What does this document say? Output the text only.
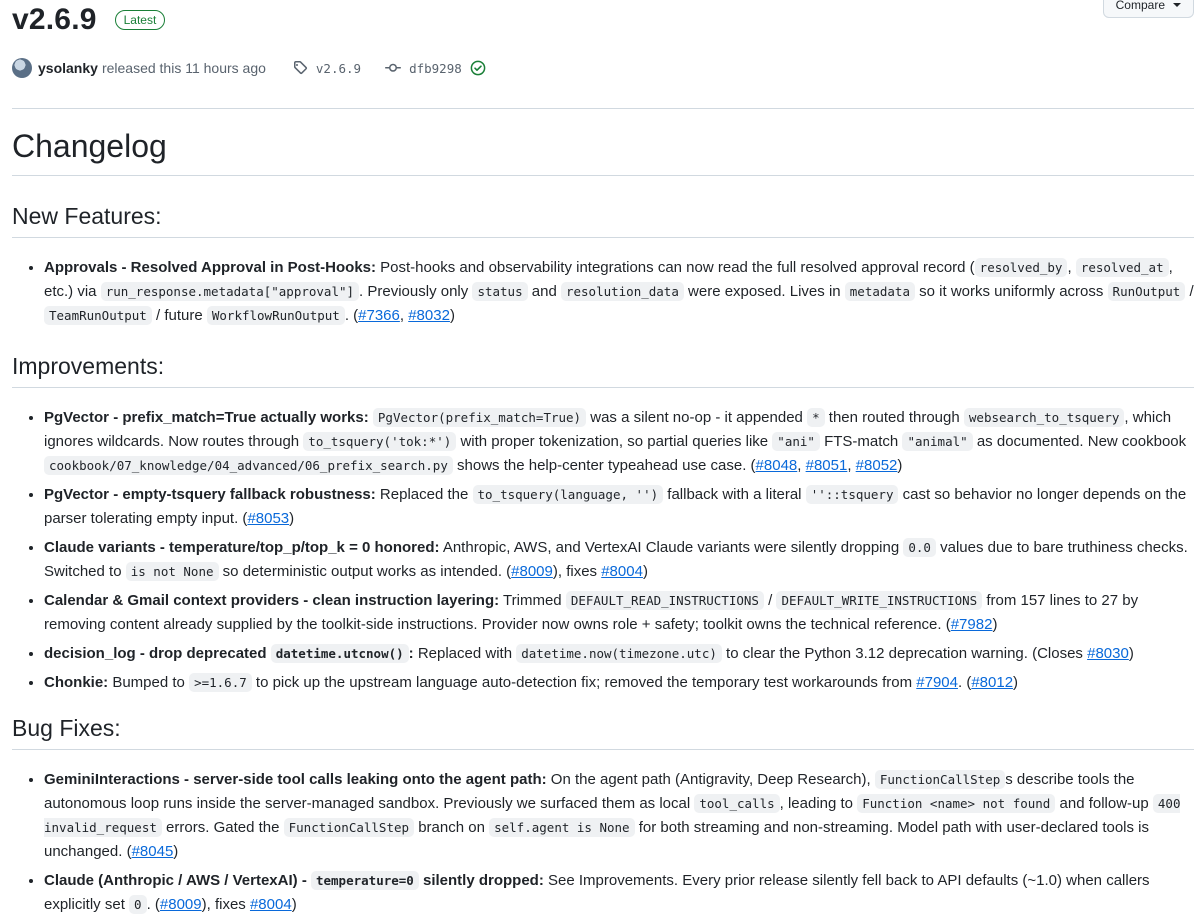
v2.6.9	Latest
Compare
ysolanky released this 11 hours ago	v2.6.9	dfb9298
Changelog
New Features:
• Approvals - Resolved Approval in Post-Hooks: Post-hooks and observability integrations can now read the full resolved approval record ( resolved_by , resolved_at , etc.) via run_response.metadata["approval"] . Previously only status and resolution_data were exposed. Lives in metadata so it works uniformly across RunOutput / TeamRunOutput / future WorkflowRunOutput . (#7366, #8032)
Improvements:
• PgVector - prefix_match=True actually works: PgVector(prefix_match=True) was a silent no-op - it appended * then routed through websearch_to_tsquery , which ignores wildcards. Now routes through to_tsquery('tok:*') with proper tokenization, so partial queries like "ani" FTS-match "animal" as documented. New cookbook cookbook/07_knowledge/04_advanced/06_prefix_search.py shows the help-center typeahead use case. (#8048, #8051, #8052)
• PgVector - empty-tsquery fallback robustness: Replaced the to_tsquery(language, '') fallback with a literal ''::tsquery cast so behavior no longer depends on the parser tolerating empty input. (#8053)
• Claude variants - temperature/top_p/top_k = 0 honored: Anthropic, AWS, and VertexAI Claude variants were silently dropping 0.0 values due to bare truthiness checks. Switched to is not None so deterministic output works as intended. (#8009), fixes #8004)
• Calendar & Gmail context providers - clean instruction layering: Trimmed DEFAULT_READ_INSTRUCTIONS / DEFAULT_WRITE_INSTRUCTIONS from 157 lines to 27 by removing content already supplied by the toolkit-side instructions. Provider now owns role + safety; toolkit owns the technical reference. (#7982)
• decision_log - drop deprecated datetime.utcnow() : Replaced with datetime.now(timezone.utc) to clear the Python 3.12 deprecation warning. (Closes #8030)
• Chonkie: Bumped to >=1.6.7 to pick up the upstream language auto-detection fix; removed the temporary test workarounds from #7904. (#8012)
Bug Fixes:
• GeminiInteractions - server-side tool calls leaking onto the agent path: On the agent path (Antigravity, Deep Research), FunctionCallStep s describe tools the autonomous loop runs inside the server-managed sandbox. Previously we surfaced them as local tool_calls , leading to Function <name> not found and follow-up 400 invalid_request errors. Gated the FunctionCallStep branch on self.agent is None for both streaming and non-streaming. Model path with user-declared tools is unchanged. (#8045)
• Claude (Anthropic / AWS / VertexAI) - temperature=0 silently dropped: See Improvements. Every prior release silently fell back to API defaults (~1.0) when callers explicitly set 0 . (#8009), fixes #8004)
